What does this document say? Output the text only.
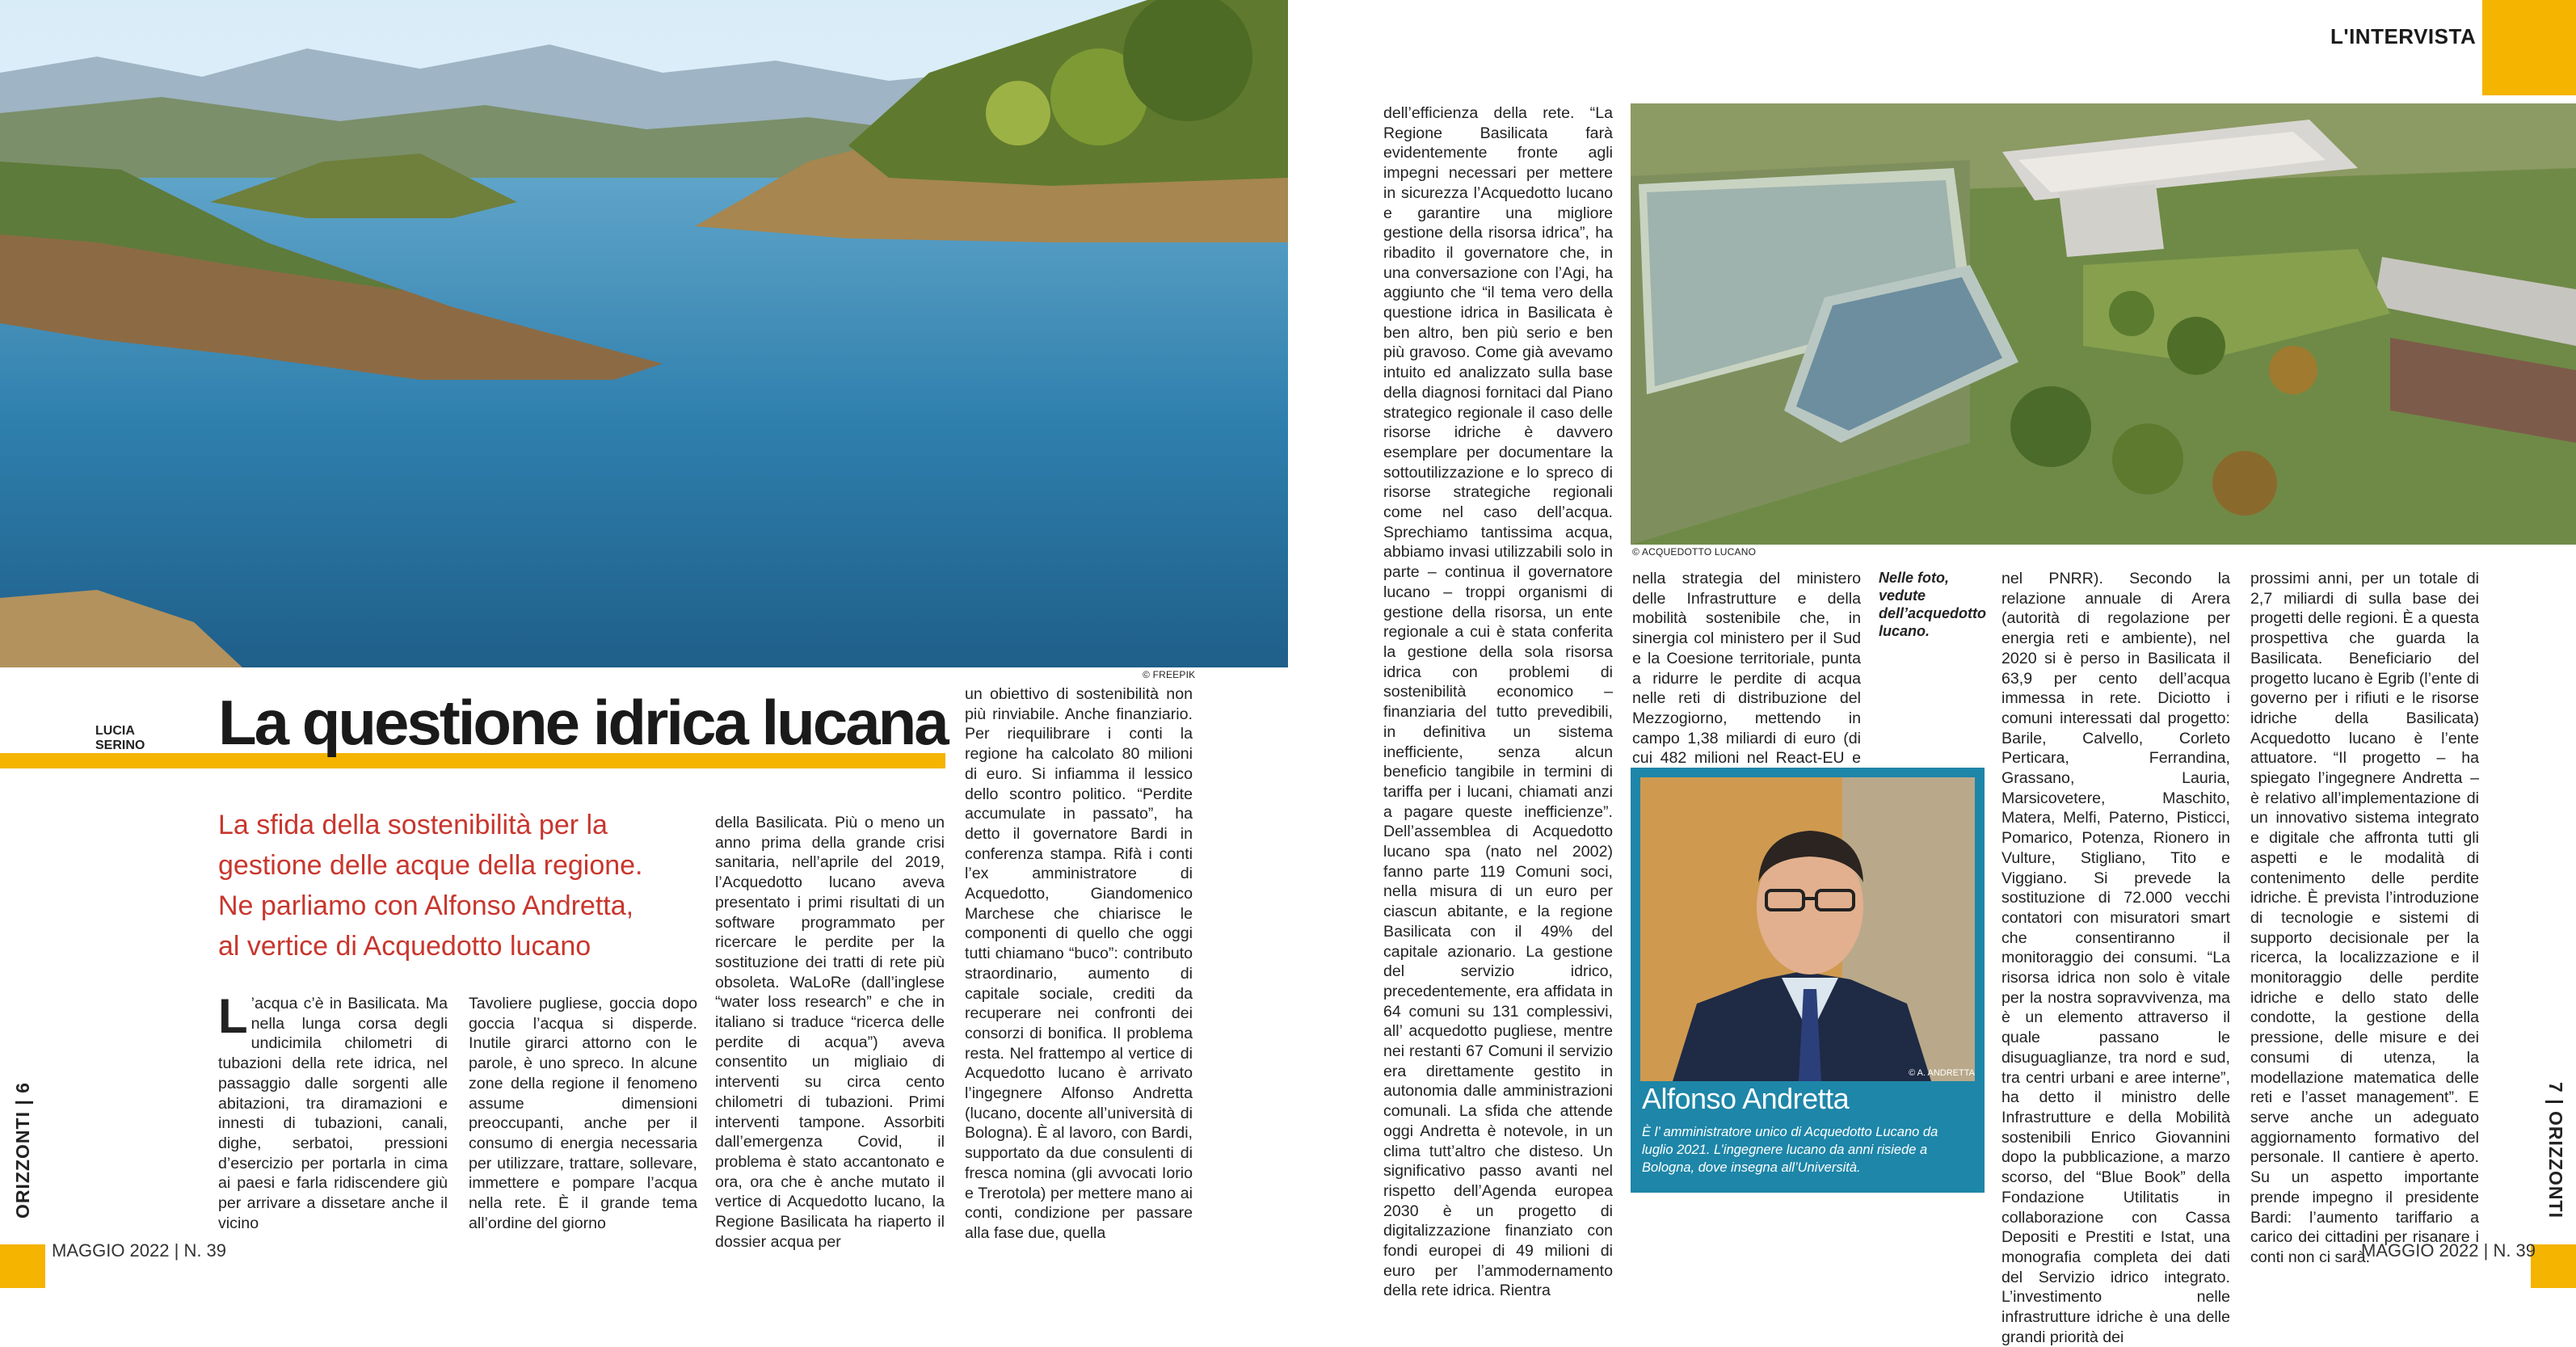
© FREEPIK
LUCIA
SERINO La questione idrica lucana
La sfida della sostenibilità per la
gestione delle acque della regione.
Ne parliamo con Alfonso Andretta,
al vertice di Acquedotto lucano
L ’acqua c’è in Basilicata. Ma nella lunga corsa degli undicimila chilometri di tubazioni della rete idrica, nel passaggio dalle sorgenti alle abitazioni, tra diramazioni e innesti di tubazioni, canali, dighe, serbatoi, pressioni d’esercizio per portarla in cima ai paesi e farla ridiscendere giù per arrivare a dissetare anche il vicino

Tavoliere pugliese, goccia dopo goccia l’acqua si disperde. Inutile girarci attorno con le parole, è uno spreco. In alcune zone della regione il fenomeno assume dimensioni preoccupanti, anche per il consumo di energia necessaria per utilizzare, trattare, sollevare, immettere e pompare l’acqua nella rete. È il grande tema all’ordine del giorno

della Basilicata. Più o meno un anno prima della grande crisi sanitaria, nell’aprile del 2019, l’Acquedotto lucano aveva presentato i primi risultati di un software programmato per ricercare le perdite per la sostituzione dei tratti di rete più obsoleta. WaLoRe (dall’inglese “water loss research” e che in italiano si traduce “ricerca delle perdite di acqua”) aveva consentito un migliaio di interventi su circa cento chilometri di tubazioni. Primi interventi tampone. Assorbiti dall’emergenza Covid, il problema è stato accantonato e ora, ora che è anche mutato il vertice di Acquedotto lucano, la Regione Basilicata ha riaperto il dossier acqua per

un obiettivo di sostenibilità non più rinviabile. Anche finanziario. Per riequilibrare i conti la regione ha calcolato 80 milioni di euro. Si infiamma il lessico dello scontro politico. “Perdite accumulate in passato”, ha detto il governatore Bardi in conferenza stampa. Rifà i conti l’ex amministratore di Acquedotto, Giandomenico Marchese che chiarisce le componenti di quello che oggi tutti chiamano “buco”: contributo straordinario, aumento di capitale sociale, crediti da recuperare nei confronti dei consorzi di bonifica. Il problema resta. Nel frattempo al vertice di Acquedotto lucano è arrivato l’ingegnere Alfonso Andretta (lucano, docente all’università di Bologna). È al lavoro, con Bardi, supportato da due consulenti di fresca nomina (gli avvocati Iorio e Trerotola) per mettere mano ai conti, condizione per passare alla fase due, quella

ORIZZONTI | 6
MAGGIO 2022 | N. 39
L'INTERVISTA
© ACQUEDOTTO LUCANO

dell’efficienza della rete. “La Regione Basilicata farà evidentemente fronte agli impegni necessari per mettere in sicurezza l’Acquedotto lucano e garantire una migliore gestione della risorsa idrica”, ha ribadito il governatore che, in una conversazione con l’Agi, ha aggiunto che “il tema vero della questione idrica in Basilicata è ben altro, ben più serio e ben più gravoso. Come già avevamo intuito ed analizzato sulla base della diagnosi fornitaci dal Piano strategico regionale il caso delle risorse idriche è davvero esemplare per documentare la sottoutilizzazione e lo spreco di risorse strategiche regionali come nel caso dell’acqua. Sprechiamo tantissima acqua, abbiamo invasi utilizzabili solo in parte – continua il governatore lucano – troppi organismi di gestione della risorsa, un ente regionale a cui è stata conferita la gestione della sola risorsa idrica con problemi di sostenibilità economico –finanziaria del tutto prevedibili, in definitiva un sistema inefficiente, senza alcun beneficio tangibile in termini di tariffa per i lucani, chiamati anzi a pagare queste inefficienze”. Dell’assemblea di Acquedotto lucano spa (nato nel 2002) fanno parte 119 Comuni soci, nella misura di un euro per ciascun abitante, e la regione Basilicata con il 49% del capitale azionario. La gestione del servizio idrico, precedentemente, era affidata in 64 comuni su 131 complessivi, all’ acquedotto pugliese, mentre nei restanti 67 Comuni il servizio era direttamente gestito in autonomia dalle amministrazioni comunali. La sfida che attende oggi Andretta è notevole, in un clima tutt’altro che disteso. Un significativo passo avanti nel rispetto dell’Agenda europea 2030 è un progetto di digitalizzazione finanziato con fondi europei di 49 milioni di euro per l’ammodernamento della rete idrica. Rientra

nella strategia del ministero delle Infrastrutture e della mobilità sostenibile che, in sinergia col ministero per il Sud e la Coesione territoriale, punta a ridurre le perdite di acqua nelle reti di distribuzione del Mezzogiorno, mettendo in campo 1,38 miliardi di euro (di cui 482 milioni nel React-EU e

Nelle foto, vedute dell’acquedotto lucano.

nel PNRR). Secondo la relazione annuale di Arera (autorità di regolazione per energia reti e ambiente), nel 2020 si è perso in Basilicata il 63,9 per cento dell’acqua immessa in rete. Diciotto i comuni interessati dal progetto: Barile, Calvello, Corleto Perticara, Ferrandina, Grassano, Lauria, Marsicovetere, Maschito, Matera, Melfi, Paterno, Pisticci, Pomarico, Potenza, Rionero in Vulture, Stigliano, Tito e Viggiano. Si prevede la sostituzione di 72.000 vecchi contatori con misuratori smart che consentiranno il monitoraggio dei consumi. “La risorsa idrica non solo è vitale per la nostra sopravvivenza, ma è un elemento attraverso il quale passano le disuguaglianze, tra nord e sud, tra centri urbani e aree interne”, ha detto il ministro delle Infrastrutture e della Mobilità sostenibili Enrico Giovannini dopo la pubblicazione, a marzo scorso, del “Blue Book” della Fondazione Utilitatis in collaborazione con Cassa Depositi e Prestiti e Istat, una monografia completa dei dati del Servizio idrico integrato. L’investimento nelle infrastrutture idriche è una delle grandi priorità dei

prossimi anni, per un totale di 2,7 miliardi di sulla base dei progetti delle regioni. È a questa prospettiva che guarda la Basilicata. Beneficiario del progetto lucano è Egrib (l’ente di governo per i rifiuti e le risorse idriche della Basilicata) Acquedotto lucano è l’ente attuatore. “Il progetto – ha spiegato l’ingegnere Andretta – è relativo all’implementazione di un innovativo sistema integrato e digitale che affronta tutti gli aspetti e le modalità di contenimento delle perdite idriche. È prevista l’introduzione di tecnologie e sistemi di supporto decisionale per la ricerca, la localizzazione e il monitoraggio delle perdite idriche e dello stato delle condotte, la gestione della pressione, delle misure e dei consumi di utenza, la modellazione matematica delle reti e l’asset management”. E serve anche un adeguato aggiornamento formativo del personale. Il cantiere è aperto. Su un aspetto importante prende impegno il presidente Bardi: l’aumento tariffario a carico dei cittadini per risanare i conti non ci sarà.

© A. ANDRETTA
Alfonso Andretta
È l’ amministratore unico di Acquedotto Lucano da luglio 2021. L’ingegnere lucano da anni risiede a Bologna, dove insegna all’Università.	7 | ORIZZONTI
MAGGIO 2022 | N. 39
